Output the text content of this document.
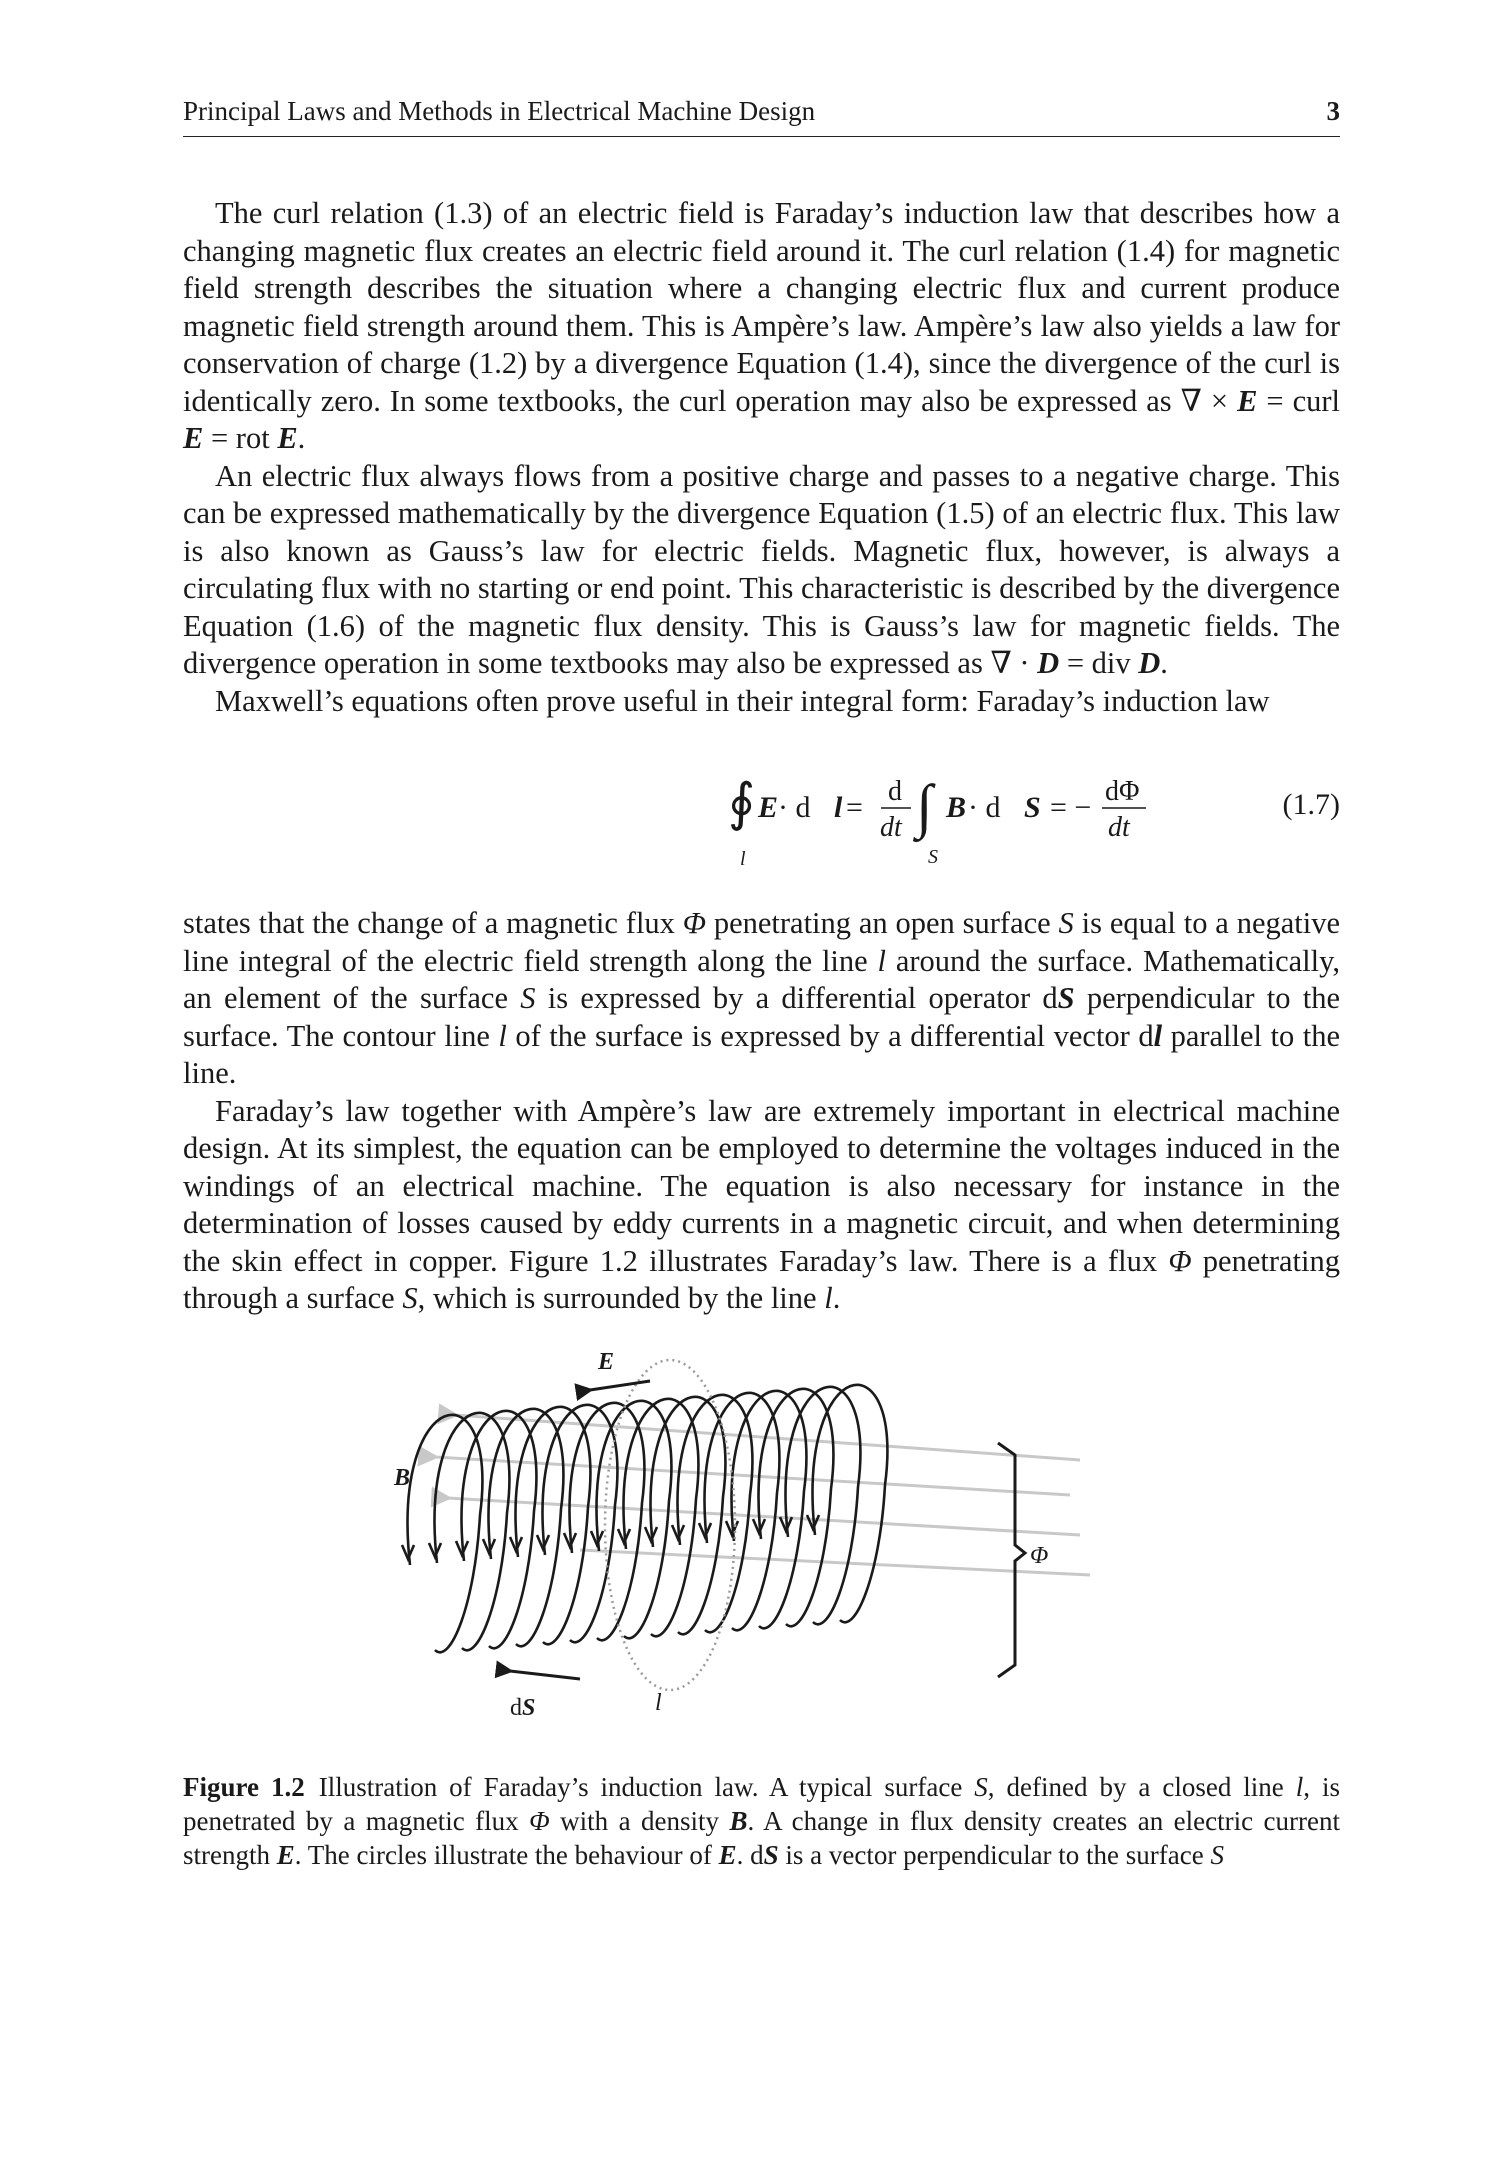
Principal Laws and Methods in Electrical Machine Design	3

The curl relation (1.3) of an electric field is Faraday’s induction law that describes how a changing magnetic flux creates an electric field around it. The curl relation (1.4) for magnetic field strength describes the situation where a changing electric flux and current produce magnetic field strength around them. This is Ampère’s law. Ampère’s law also yields a law for conservation of charge (1.2) by a divergence Equation (1.4), since the divergence of the curl is identically zero. In some textbooks, the curl operation may also be expressed as ∇ × E = curl E = rot E.

An electric flux always flows from a positive charge and passes to a negative charge. This can be expressed mathematically by the divergence Equation (1.5) of an electric flux. This law is also known as Gauss’s law for electric fields. Magnetic flux, however, is always a circulating flux with no starting or end point. This characteristic is described by the divergence Equation (1.6) of the magnetic flux density. This is Gauss’s law for magnetic fields. The divergence operation in some textbooks may also be expressed as ∇ · D = div D.

Maxwell’s equations often prove useful in their integral form: Faraday’s induction law

∮
l
E · d l = d
dt ∫
S
B · d S = − dΦ
dt
(1.7)

states that the change of a magnetic flux Φ penetrating an open surface S is equal to a negative line integral of the electric field strength along the line l around the surface. Mathematically, an element of the surface S is expressed by a differential operator dS perpendicular to the surface. The contour line l of the surface is expressed by a differential vector dl parallel to the line.

Faraday’s law together with Ampère’s law are extremely important in electrical machine design. At its simplest, the equation can be employed to determine the voltages induced in the windings of an electrical machine. The equation is also necessary for instance in the determination of losses caused by eddy currents in a magnetic circuit, and when determining the skin effect in copper. Figure 1.2 illustrates Faraday’s law. There is a flux Φ penetrating through a surface S, which is surrounded by the line l.

E
B
Φ
dS	l
Figure 1.2 Illustration of Faraday’s induction law. A typical surface S, defined by a closed line l, is penetrated by a magnetic flux Φ with a density B. A change in flux density creates an electric current strength E. The circles illustrate the behaviour of E. dS is a vector perpendicular to the surface S
